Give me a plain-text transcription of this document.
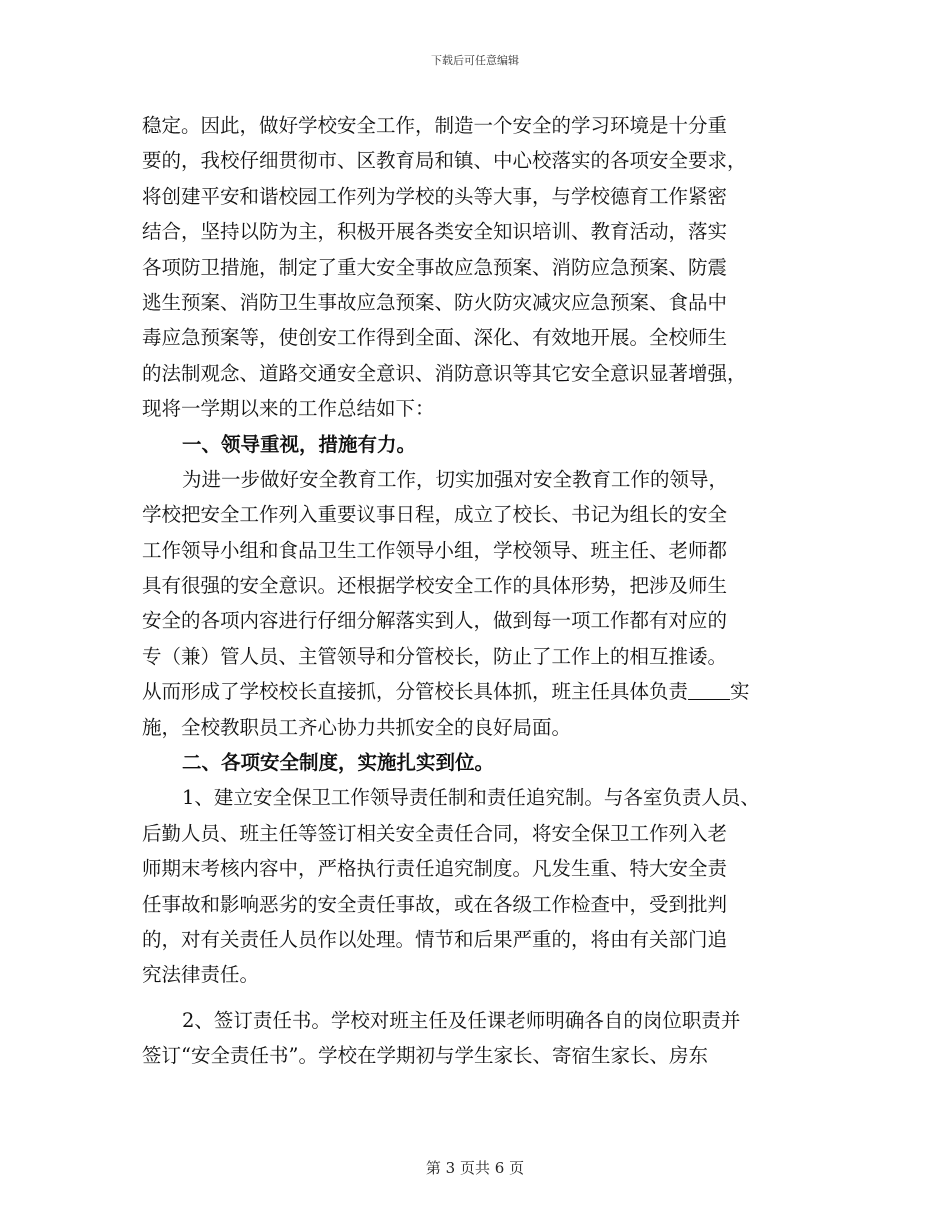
下载后可任意编辑
稳定。因此，做好学校安全工作，制造一个安全的学习环境是十分重
要的，我校仔细贯彻市、区教育局和镇、中心校落实的各项安全要求，
将创建平安和谐校园工作列为学校的头等大事，与学校德育工作紧密
结合，坚持以防为主，积极开展各类安全知识培训、教育活动，落实
各项防卫措施，制定了重大安全事故应急预案、消防应急预案、防震
逃生预案、消防卫生事故应急预案、防火防灾减灾应急预案、食品中
毒应急预案等，使创安工作得到全面、深化、有效地开展。全校师生
的法制观念、道路交通安全意识、消防意识等其它安全意识显著增强，
现将一学期以来的工作总结如下：
一、领导重视，措施有力。
为进一步做好安全教育工作，切实加强对安全教育工作的领导，
学校把安全工作列入重要议事日程，成立了校长、书记为组长的安全
工作领导小组和食品卫生工作领导小组，学校领导、班主任、老师都
具有很强的安全意识。还根据学校安全工作的具体形势，把涉及师生
安全的各项内容进行仔细分解落实到人，做到每一项工作都有对应的
专（兼）管人员、主管领导和分管校长，防止了工作上的相互推诿。
从而形成了学校校长直接抓，分管校长具体抓，班主任具体负责 实
施，全校教职员工齐心协力共抓安全的良好局面。
二、各项安全制度，实施扎实到位。
1、建立安全保卫工作领导责任制和责任追究制。与各室负责人员、
后勤人员、班主任等签订相关安全责任合同，将安全保卫工作列入老
师期末考核内容中，严格执行责任追究制度。凡发生重、特大安全责
任事故和影响恶劣的安全责任事故，或在各级工作检查中，受到批判
的，对有关责任人员作以处理。情节和后果严重的，将由有关部门追
究法律责任。
2、签订责任书。学校对班主任及任课老师明确各自的岗位职责并
签订“安全责任书”。学校在学期初与学生家长、寄宿生家长、房东
第 3 页共 6 页
